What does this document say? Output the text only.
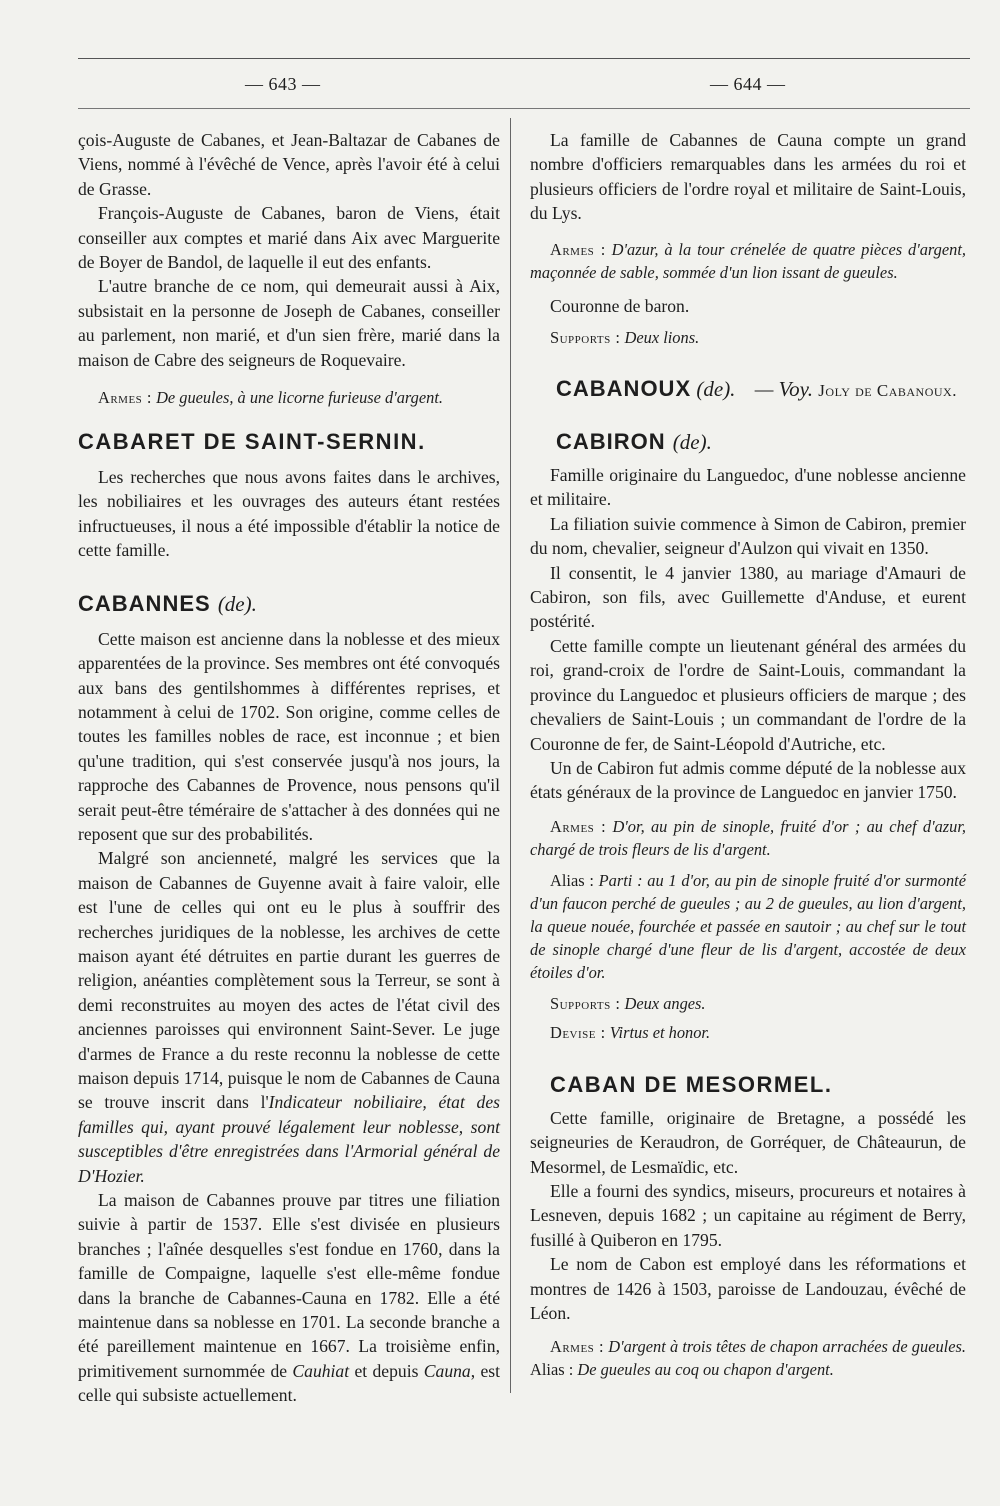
— 643 —	— 644 —

çois-Auguste de Cabanes, et Jean-Baltazar de Cabanes de Viens, nommé à l'évêché de Vence, après l'avoir été à celui de Grasse.

François-Auguste de Cabanes, baron de Viens, était conseiller aux comptes et marié dans Aix avec Marguerite de Boyer de Bandol, de laquelle il eut des enfants.

L'autre branche de ce nom, qui demeurait aussi à Aix, subsistait en la personne de Joseph de Cabanes, conseiller au parlement, non marié, et d'un sien frère, marié dans la maison de Cabre des seigneurs de Roquevaire.

Armes : De gueules, à une licorne furieuse d'argent.

CABARET DE SAINT-SERNIN.

Les recherches que nous avons faites dans le archives, les nobiliaires et les ouvrages des auteurs étant restées infructueuses, il nous a été impossible d'établir la notice de cette famille.

CABANNES (de).

Cette maison est ancienne dans la noblesse et des mieux apparentées de la province. Ses membres ont été convoqués aux bans des gentilshommes à différentes reprises, et notamment à celui de 1702. Son origine, comme celles de toutes les familles nobles de race, est inconnue ; et bien qu'une tradition, qui s'est conservée jusqu'à nos jours, la rapproche des Cabannes de Provence, nous pensons qu'il serait peut-être téméraire de s'attacher à des données qui ne reposent que sur des probabilités.

Malgré son ancienneté, malgré les services que la maison de Cabannes de Guyenne avait à faire valoir, elle est l'une de celles qui ont eu le plus à souffrir des recherches juridiques de la noblesse, les archives de cette maison ayant été détruites en partie durant les guerres de religion, anéanties complètement sous la Terreur, se sont à demi reconstruites au moyen des actes de l'état civil des anciennes paroisses qui environnent Saint-Sever. Le juge d'armes de France a du reste reconnu la noblesse de cette maison depuis 1714, puisque le nom de Cabannes de Cauna se trouve inscrit dans l'Indicateur nobiliaire, état des familles qui, ayant prouvé légalement leur noblesse, sont susceptibles d'être enregistrées dans l'Armorial général de D'Hozier.

La maison de Cabannes prouve par titres une filiation suivie à partir de 1537. Elle s'est divisée en plusieurs branches ; l'aînée desquelles s'est fondue en 1760, dans la famille de Compaigne, laquelle s'est elle-même fondue dans la branche de Cabannes-Cauna en 1782. Elle a été maintenue dans sa noblesse en 1701. La seconde branche a été pareillement maintenue en 1667. La troisième enfin, primitivement surnommée de Cauhiat et depuis Cauna, est celle qui subsiste actuellement.

La famille de Cabannes de Cauna compte un grand nombre d'officiers remarquables dans les armées du roi et plusieurs officiers de l'ordre royal et militaire de Saint-Louis, du Lys.

Armes : D'azur, à la tour crénelée de quatre pièces d'argent, maçonnée de sable, sommée d'un lion issant de gueules.

Couronne de baron.

Supports : Deux lions.

CABANOUX (de). — Voy. Joly de Cabanoux.

CABIRON (de).

Famille originaire du Languedoc, d'une noblesse ancienne et militaire.

La filiation suivie commence à Simon de Cabiron, premier du nom, chevalier, seigneur d'Aulzon qui vivait en 1350.

Il consentit, le 4 janvier 1380, au mariage d'Amauri de Cabiron, son fils, avec Guillemette d'Anduse, et eurent postérité.

Cette famille compte un lieutenant général des armées du roi, grand-croix de l'ordre de Saint-Louis, commandant la province du Languedoc et plusieurs officiers de marque ; des chevaliers de Saint-Louis ; un commandant de l'ordre de la Couronne de fer, de Saint-Léopold d'Autriche, etc.

Un de Cabiron fut admis comme député de la noblesse aux états généraux de la province de Languedoc en janvier 1750.

Armes : D'or, au pin de sinople, fruité d'or ; au chef d'azur, chargé de trois fleurs de lis d'argent.

Alias : Parti : au 1 d'or, au pin de sinople fruité d'or surmonté d'un faucon perché de gueules ; au 2 de gueules, au lion d'argent, la queue nouée, fourchée et passée en sautoir ; au chef sur le tout de sinople chargé d'une fleur de lis d'argent, accostée de deux étoiles d'or.

Supports : Deux anges.

Devise : Virtus et honor.

CABAN DE MESORMEL.

Cette famille, originaire de Bretagne, a possédé les seigneuries de Keraudron, de Gorréquer, de Châteaurun, de Mesormel, de Lesmaïdic, etc.

Elle a fourni des syndics, miseurs, procureurs et notaires à Lesneven, depuis 1682 ; un capitaine au régiment de Berry, fusillé à Quiberon en 1795.

Le nom de Cabon est employé dans les réformations et montres de 1426 à 1503, paroisse de Landouzau, évêché de Léon.

Armes : D'argent à trois têtes de chapon arrachées de gueules. Alias : De gueules au coq ou chapon d'argent.
